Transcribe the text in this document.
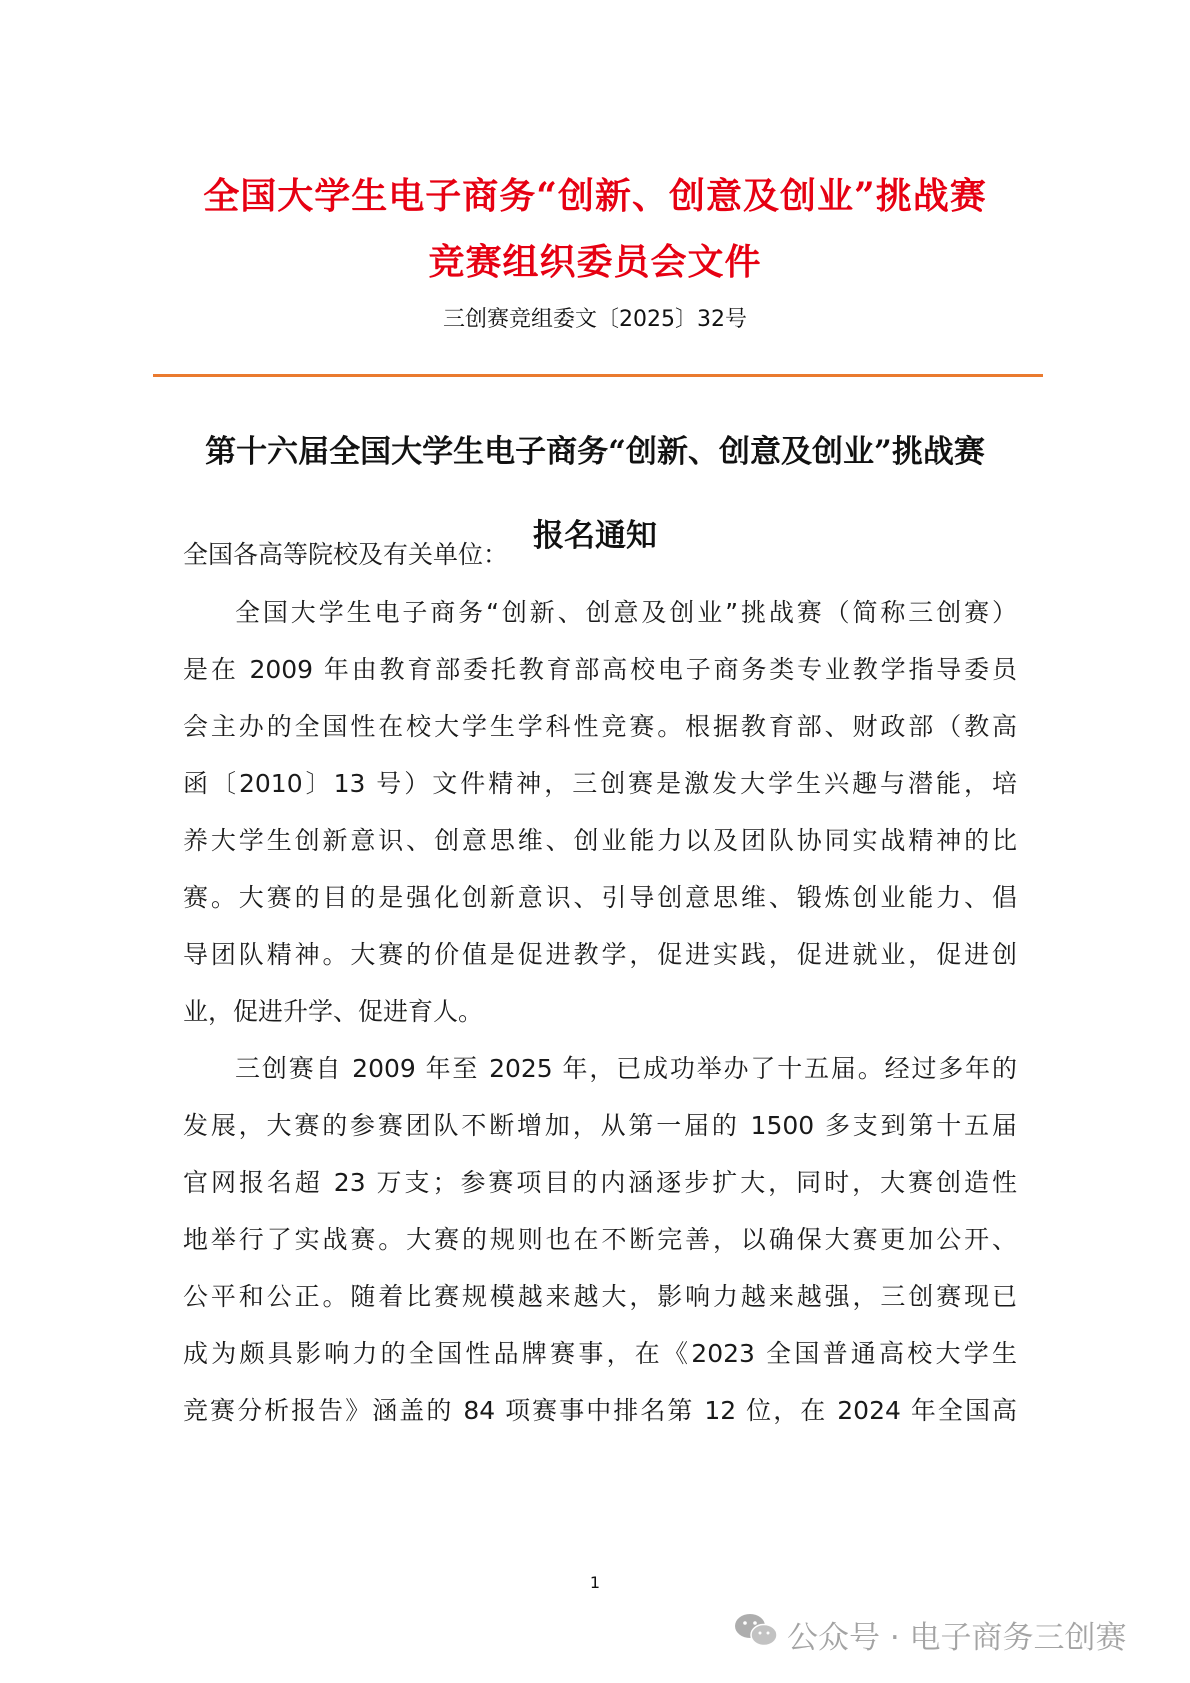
全国大学生电子商务“创新、创意及创业”挑战赛
竞赛组织委员会文件
三创赛竞组委文〔2025〕32号
第十六届全国大学生电子商务“创新、创意及创业”挑战赛
报名通知
全国各高等院校及有关单位：
全国大学生电子商务“创新、创意及创业”挑战赛（简称三创赛）
是在 2009 年由教育部委托教育部高校电子商务类专业教学指导委员
会主办的全国性在校大学生学科性竞赛。根据教育部、财政部（教高
函〔2010〕13 号）文件精神，三创赛是激发大学生兴趣与潜能，培
养大学生创新意识、创意思维、创业能力以及团队协同实战精神的比
赛。大赛的目的是强化创新意识、引导创意思维、锻炼创业能力、倡
导团队精神。大赛的价值是促进教学，促进实践，促进就业，促进创
业，促进升学、促进育人。
三创赛自 2009 年至 2025 年，已成功举办了十五届。经过多年的
发展，大赛的参赛团队不断增加，从第一届的 1500 多支到第十五届
官网报名超 23 万支；参赛项目的内涵逐步扩大，同时，大赛创造性
地举行了实战赛。大赛的规则也在不断完善，以确保大赛更加公开、
公平和公正。随着比赛规模越来越大，影响力越来越强，三创赛现已
成为颇具影响力的全国性品牌赛事，在《2023 全国普通高校大学生
竞赛分析报告》涵盖的 84 项赛事中排名第 12 位，在 2024 年全国高
1
公众号 · 电子商务三创赛
